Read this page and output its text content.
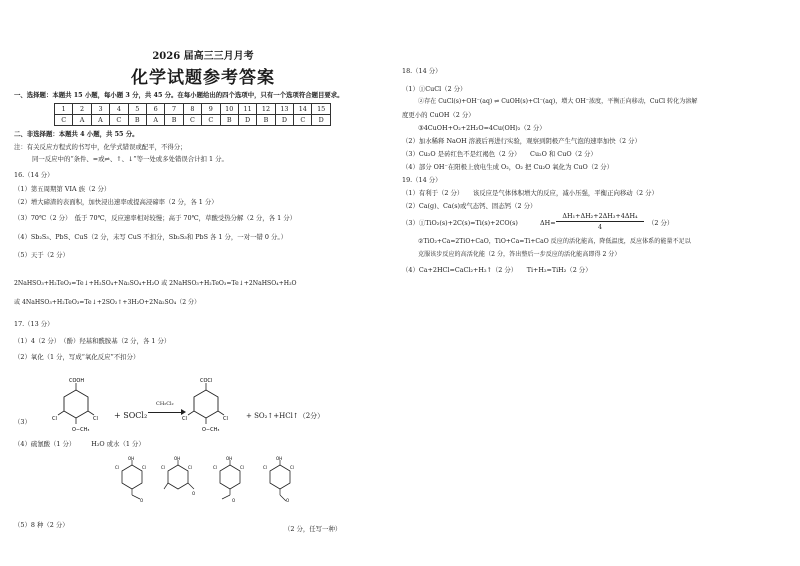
2026 届高三三月月考
化学试题参考答案
一、选择题：本题共 15 小题，每小题 3 分，共 45 分。在每小题给出的四个选项中，只有一个选项符合题目要求。
1	2	3	4	5	6	7	8	9	10	11	12	13	14	15
C	A	A	C	B	A	B	C	C	B	D	B	D	C	D
二、非选择题：本题共 4 小题，共 55 分。
注：有关反应方程式的书写中，化学式错误或配平，不得分；
同一反应中的“条件、=或⇌、↑、↓”等一处或多处错误合计扣 1 分。
16.（14 分）
（1）第五周期第 VIA 族（2 分）
（2）增大碲渣的表面积，加快浸出速率或提高浸碲率（2 分，各 1 分）
（3）70℃（2 分）　低于 70℃，反应速率相对较慢；高于 70℃，草酸受热分解（2 分，各 1 分）
（4）Sb₂S₃、PbS、CuS（2 分，未写 CuS 不扣分，Sb₂S₃和 PbS 各 1 分，一对一错 0 分。）
（5）天于（2 分）
2NaHSO₃+H₂TeO₃=Te↓+H₂SO₄+Na₂SO₄+H₂O 或 2NaHSO₃+H₂TeO₃=Te↓+2NaHSO₄+H₂O
或 4NaHSO₃+H₂TeO₃=Te↓+2SO₂↑+3H₂O+2Na₂SO₄（2 分）
17.（13 分）
（1）4（2 分）　（酚）羟基和酰胺基（2 分，各 1 分）
（2）氧化（1 分，写成“氧化反应”不扣分）
（3）
COOH
Cl
Cl
O−CH₃
+ SOCl₂
CH₂Cl₂
COCl
Cl
Cl
O−CH₃
+ SO₂↑+HCl↑（2分）
（4）硫氰酸（1 分）　　　H₂O 或水（1 分）
OH
Cl
Cl
O
OH
Cl
Cl
O
OH
Cl
Cl
O
OH
Cl
Cl
O
（5）8 种（2 分）	（2 分，任写一种）
18.（14 分）
（1）①CuCl（2 分）
②存在 CuCl(s)+OH⁻(aq) ⇌ CuOH(s)+Cl⁻(aq)，增大 OH⁻浓度，平衡正向移动，CuCl 转化为溶解
度更小的 CuOH（2 分）
③4CuOH+O₂+2H₂O=4Cu(OH)₂（2 分）
（2）加水稀释 NaOH 溶液后再进行实验，观察到阴极产生气泡的速率加快（2 分）
（3）Cu₂O 是砖红色不是红褐色（2 分）　　Cu₂O 和 CuO（2 分）
（4）部分 OH⁻在阳极上放电生成 O₂，O₂ 把 Cu₂O 氧化为 CuO（2 分）
19.（14 分）
（1）有利于（2 分）　　该反应是气体体积增大的反应，减小压强，平衡正向移动（2 分）
（2）Ca(g)、Ca(s)或气态钙、固态钙（2 分）
（3）①TiO₂(s)+2C(s)=Ti(s)+2CO(s)	$\Delta H= \frac{\text{ΔH₁+ΔH₂+2ΔH₃+4ΔH₄}}{4} (2$ 分）
②TiO₂+Ca=2TiO+CaO，TiO+Ca=Ti+CaO 反应的活化能高，降低温度，反应体系的能量不足以
克服该步反应的高活化能（2 分，答出整后一步反应的活化能高即得 2 分）
（4）Ca+2HCl=CaCl₂+H₂↑（2 分）　　Ti+H₂=TiH₂（2 分）
